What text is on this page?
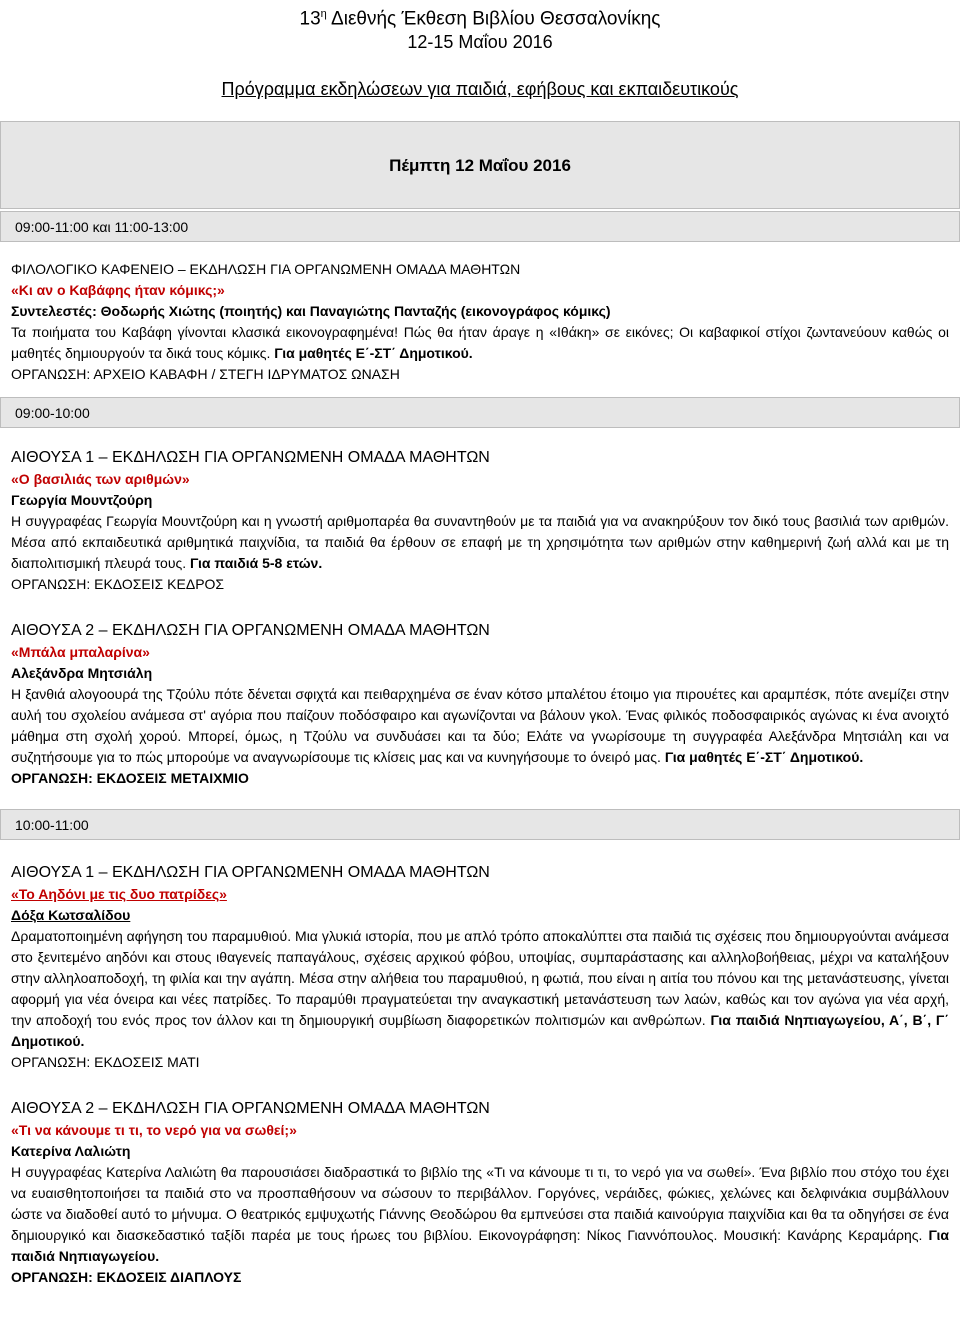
$13^\eta$ Διεθνής Έκθεση Βιβλίου Θεσσαλονίκης
12-15 Μαΐου 2016
Πρόγραμμα εκδηλώσεων για παιδιά, εφήβους και εκπαιδευτικούς
Πέμπτη 12 Μαΐου 2016
09:00-11:00 και 11:00-13:00
ΦΙΛΟΛΟΓΙΚΟ ΚΑΦΕΝΕΙΟ – ΕΚΔΗΛΩΣΗ ΓΙΑ ΟΡΓΑΝΩΜΕΝΗ ΟΜΑΔΑ ΜΑΘΗΤΩΝ
«Κι αν ο Καβάφης ήταν κόμικς;»
Συντελεστές: Θοδωρής Χιώτης (ποιητής) και Παναγιώτης Πανταζής (εικονογράφος κόμικς)

Τα ποιήματα του Καβάφη γίνονται κλασικά εικονογραφημένα! Πώς θα ήταν άραγε η «Ιθάκη» σε εικόνες; Οι καβαφικοί στίχοι ζωντανεύουν καθώς οι μαθητές δημιουργούν τα δικά τους κόμικς. Για μαθητές Ε΄-ΣΤ΄ Δημοτικού.

ΟΡΓΑΝΩΣΗ: ΑΡΧΕΙΟ ΚΑΒΑΦΗ / ΣΤΕΓΗ ΙΔΡΥΜΑΤΟΣ ΩΝΑΣΗ
09:00-10:00
ΑΙΘΟΥΣΑ 1 – ΕΚΔΗΛΩΣΗ ΓΙΑ ΟΡΓΑΝΩΜΕΝΗ ΟΜΑΔΑ ΜΑΘΗΤΩΝ
«Ο βασιλιάς των αριθμών»
Γεωργία Μουντζούρη

Η συγγραφέας Γεωργία Μουντζούρη και η γνωστή αριθμοπαρέα θα συναντηθούν με τα παιδιά για να ανακηρύξουν τον δικό τους βασιλιά των αριθμών. Μέσα από εκπαιδευτικά αριθμητικά παιχνίδια, τα παιδιά θα έρθουν σε επαφή με τη χρησιμότητα των αριθμών στην καθημερινή ζωή αλλά και με τη διαπολιτισμική πλευρά τους. Για παιδιά 5-8 ετών.

ΟΡΓΑΝΩΣΗ: ΕΚΔΟΣΕΙΣ ΚΕΔΡΟΣ
ΑΙΘΟΥΣΑ 2 – ΕΚΔΗΛΩΣΗ ΓΙΑ ΟΡΓΑΝΩΜΕΝΗ ΟΜΑΔΑ ΜΑΘΗΤΩΝ
«Μπάλα μπαλαρίνα»
Αλεξάνδρα Μητσιάλη

Η ξανθιά αλογοουρά της Τζούλυ πότε δένεται σφιχτά και πειθαρχημένα σε έναν κότσο μπαλέτου έτοιμο για πιρουέτες και αραμπέσκ, πότε ανεμίζει στην αυλή του σχολείου ανάμεσα στ' αγόρια που παίζουν ποδόσφαιρο και αγωνίζονται να βάλουν γκολ. Ένας φιλικός ποδοσφαιρικός αγώνας κι ένα ανοιχτό μάθημα στη σχολή χορού. Μπορεί, όμως, η Τζούλυ να συνδυάσει και τα δύο; Ελάτε να γνωρίσουμε τη συγγραφέα Αλεξάνδρα Μητσιάλη και να συζητήσουμε για το πώς μπορούμε να αναγνωρίσουμε τις κλίσεις μας και να κυνηγήσουμε το όνειρό μας. Για μαθητές Ε΄-ΣΤ΄ Δημοτικού.

ΟΡΓΑΝΩΣΗ: ΕΚΔΟΣΕΙΣ ΜΕΤΑΙΧΜΙΟ
10:00-11:00
ΑΙΘΟΥΣΑ 1 – ΕΚΔΗΛΩΣΗ ΓΙΑ ΟΡΓΑΝΩΜΕΝΗ ΟΜΑΔΑ ΜΑΘΗΤΩΝ
«Το Αηδόνι με τις δυο πατρίδες»
Δόξα Κωτσαλίδου

Δραματοποιημένη αφήγηση του παραμυθιού. Μια γλυκιά ιστορία, που με απλό τρόπο αποκαλύπτει στα παιδιά τις σχέσεις που δημιουργούνται ανάμεσα στο ξενιτεμένο αηδόνι και στους ιθαγενείς παπαγάλους, σχέσεις αρχικού φόβου, υποψίας, συμπαράστασης και αλληλοβοήθειας, μέχρι να καταλήξουν στην αλληλοαποδοχή, τη φιλία και την αγάπη. Μέσα στην αλήθεια του παραμυθιού, η φωτιά, που είναι η αιτία του πόνου και της μετανάστευσης, γίνεται αφορμή για νέα όνειρα και νέες πατρίδες. Το παραμύθι πραγματεύεται την αναγκαστική μετανάστευση των λαών, καθώς και τον αγώνα για νέα αρχή, την αποδοχή του ενός προς τον άλλον και τη δημιουργική συμβίωση διαφορετικών πολιτισμών και ανθρώπων. Για παιδιά Νηπιαγωγείου, Α΄, Β΄, Γ΄ Δημοτικού.

ΟΡΓΑΝΩΣΗ: ΕΚΔΟΣΕΙΣ ΜΑΤΙ
ΑΙΘΟΥΣΑ 2 – ΕΚΔΗΛΩΣΗ ΓΙΑ ΟΡΓΑΝΩΜΕΝΗ ΟΜΑΔΑ ΜΑΘΗΤΩΝ
«Τι να κάνουμε τι τι, το νερό για να σωθεί;»
Κατερίνα Λαλιώτη

Η συγγραφέας Κατερίνα Λαλιώτη θα παρουσιάσει διαδραστικά το βιβλίο της «Τι να κάνουμε τι τι, το νερό για να σωθεί». Ένα βιβλίο που στόχο του έχει να ευαισθητοποιήσει τα παιδιά στο να προσπαθήσουν να σώσουν το περιβάλλον. Γοργόνες, νεράιδες, φώκιες, χελώνες και δελφινάκια συμβάλλουν ώστε να διαδοθεί αυτό το μήνυμα. Ο θεατρικός εμψυχωτής Γιάννης Θεοδώρου θα εμπνεύσει στα παιδιά καινούργια παιχνίδια και θα τα οδηγήσει σε ένα δημιουργικό και διασκεδαστικό ταξίδι παρέα με τους ήρωες του βιβλίου. Εικονογράφηση: Νίκος Γιαννόπουλος. Μουσική: Κανάρης Κεραμάρης. Για παιδιά Νηπιαγωγείου.

ΟΡΓΑΝΩΣΗ: ΕΚΔΟΣΕΙΣ ΔΙΑΠΛΟΥΣ
